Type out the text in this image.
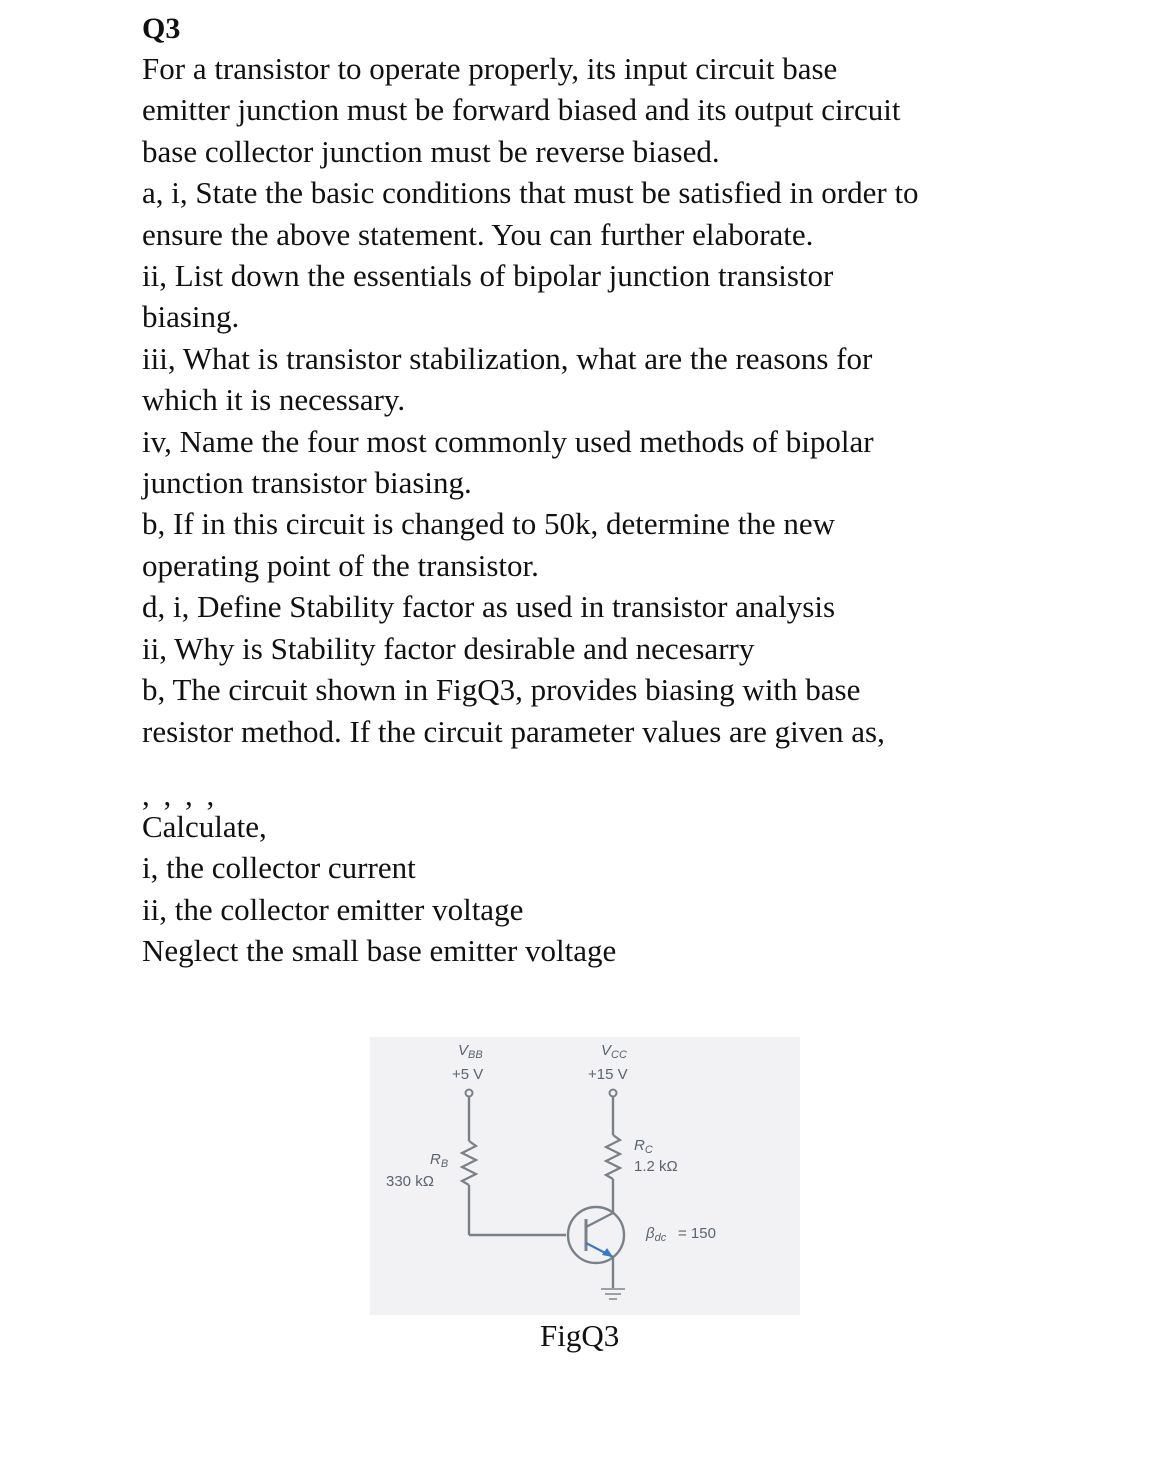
Q3

For a transistor to operate properly, its input circuit base

emitter junction must be forward biased and its output circuit

base collector junction must be reverse biased.

a, i, State the basic conditions that must be satisfied in order to

ensure the above statement. You can further elaborate.

ii, List down the essentials of bipolar junction transistor

biasing.

iii, What is transistor stabilization, what are the reasons for

which it is necessary.

iv, Name the four most commonly used methods of bipolar

junction transistor biasing.

b, If in this circuit is changed to 50k, determine the new

operating point of the transistor.

d, i, Define Stability factor as used in transistor analysis

ii, Why is Stability factor desirable and necesarry

b, The circuit shown in FigQ3, provides biasing with base

resistor method. If the circuit parameter values are given as,

, , , ,

Calculate,

i, the collector current

ii, the collector emitter voltage

Neglect the small base emitter voltage

$V_{BB}$
+5 V
$V_{CC}$
+15 V
$R_B$
330 kΩ
$R_C$
1.2 kΩ
$\beta_{dc} = 150$

FigQ3
